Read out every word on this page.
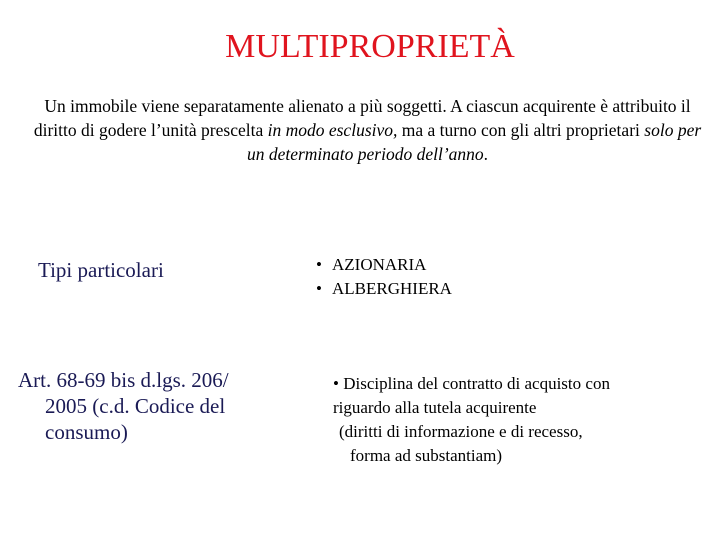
MULTIPROPRIETÀ
Un immobile viene separatamente alienato a più soggetti. A ciascun acquirente è attribuito il diritto di godere l’unità prescelta in modo esclusivo, ma a turno con gli altri proprietari solo per un determinato periodo dell’anno.
Tipi particolari	• AZIONARIA
• ALBERGHIERA
Art. 68-69 bis d.lgs. 206/
2005 (c.d. Codice del
consumo)
• Disciplina del contratto di acquisto con
riguardo alla tutela acquirente
(diritti di informazione e di recesso,
forma ad substantiam)
